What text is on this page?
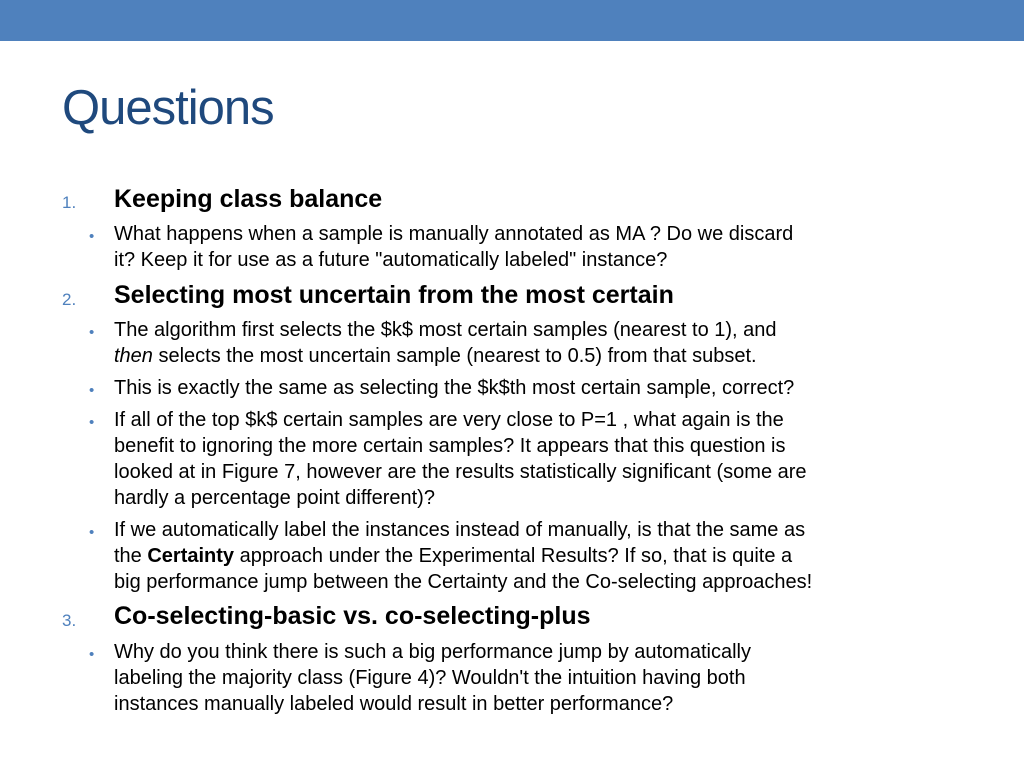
Questions
1. Keeping class balance
• What happens when a sample is manually annotated as MA ? Do we discard
it? Keep it for use as a future "automatically labeled" instance?
2. Selecting most uncertain from the most certain
• The algorithm first selects the $k$ most certain samples (nearest to 1), and
then selects the most uncertain sample (nearest to 0.5) from that subset.
• This is exactly the same as selecting the $k$th most certain sample, correct?
• If all of the top $k$ certain samples are very close to P=1 , what again is the
benefit to ignoring the more certain samples? It appears that this question is
looked at in Figure 7, however are the results statistically significant (some are
hardly a percentage point different)?
• If we automatically label the instances instead of manually, is that the same as
the Certainty approach under the Experimental Results? If so, that is quite a
big performance jump between the Certainty and the Co-selecting approaches!
3. Co-selecting-basic vs. co-selecting-plus
• Why do you think there is such a big performance jump by automatically
labeling the majority class (Figure 4)? Wouldn't the intuition having both
instances manually labeled would result in better performance?
